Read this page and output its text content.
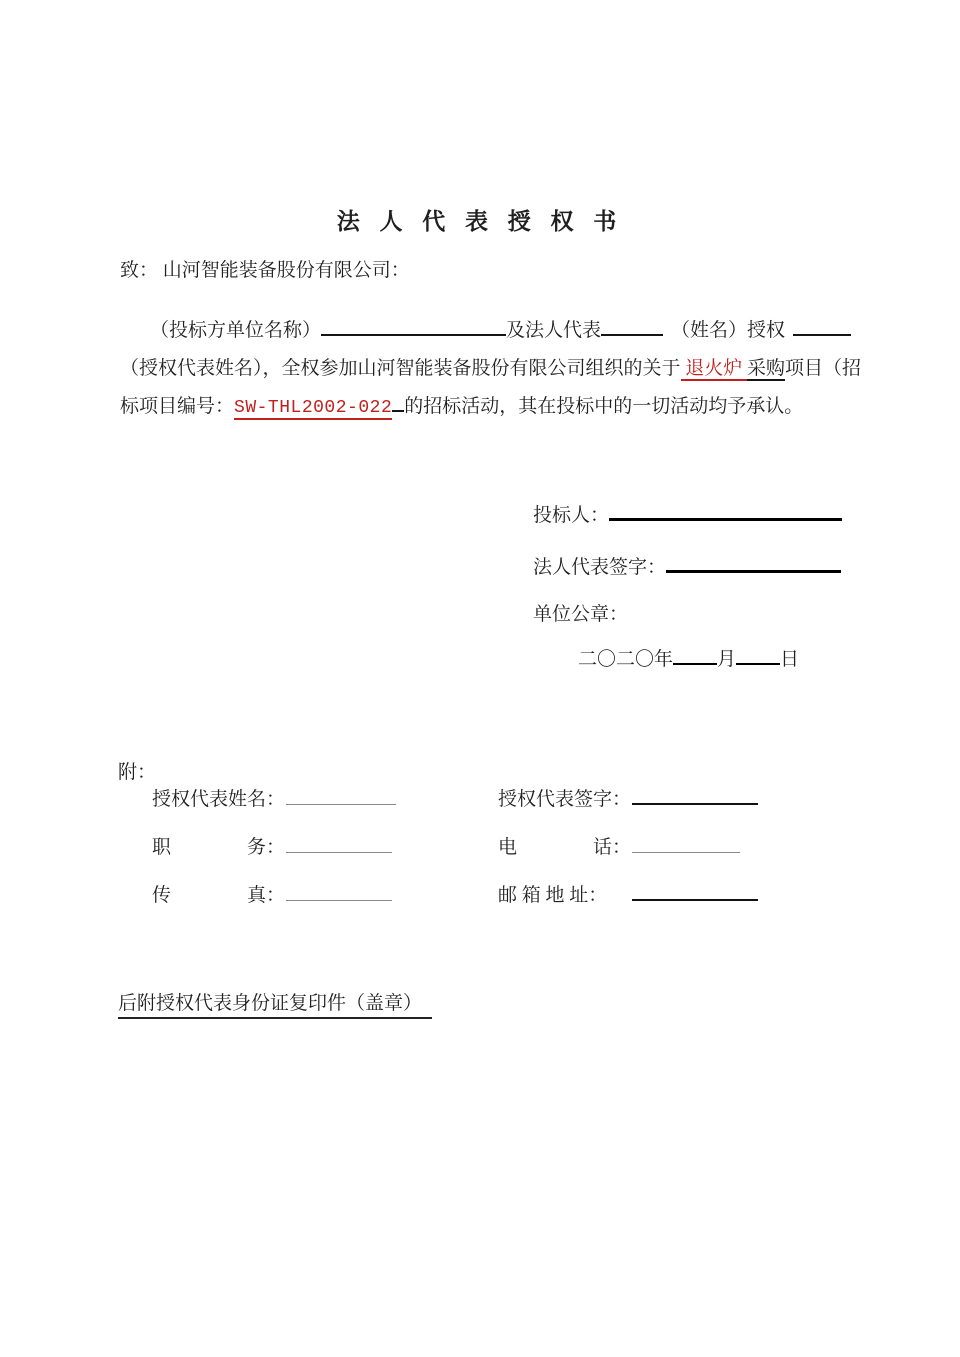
法 人 代 表 授 权 书
致： 山河智能装备股份有限公司：
（投标方单位名称）	及法人代表	（姓名）授权
（授权代表姓名），全权参加山河智能装备股份有限公司组织的关于 退火炉 采购项目（招
标项目编号：SW-THL2002-022 的招标活动，其在投标中的一切活动均予承认。
投标人：
法人代表签字：
单位公章：
二〇二〇年 月 日
附：
授权代表姓名：	授权代表签字：
职　　　　务：	电　　　　话：
传　　　　真：	邮 箱 地 址：
后附授权代表身份证复印件（盖章）
